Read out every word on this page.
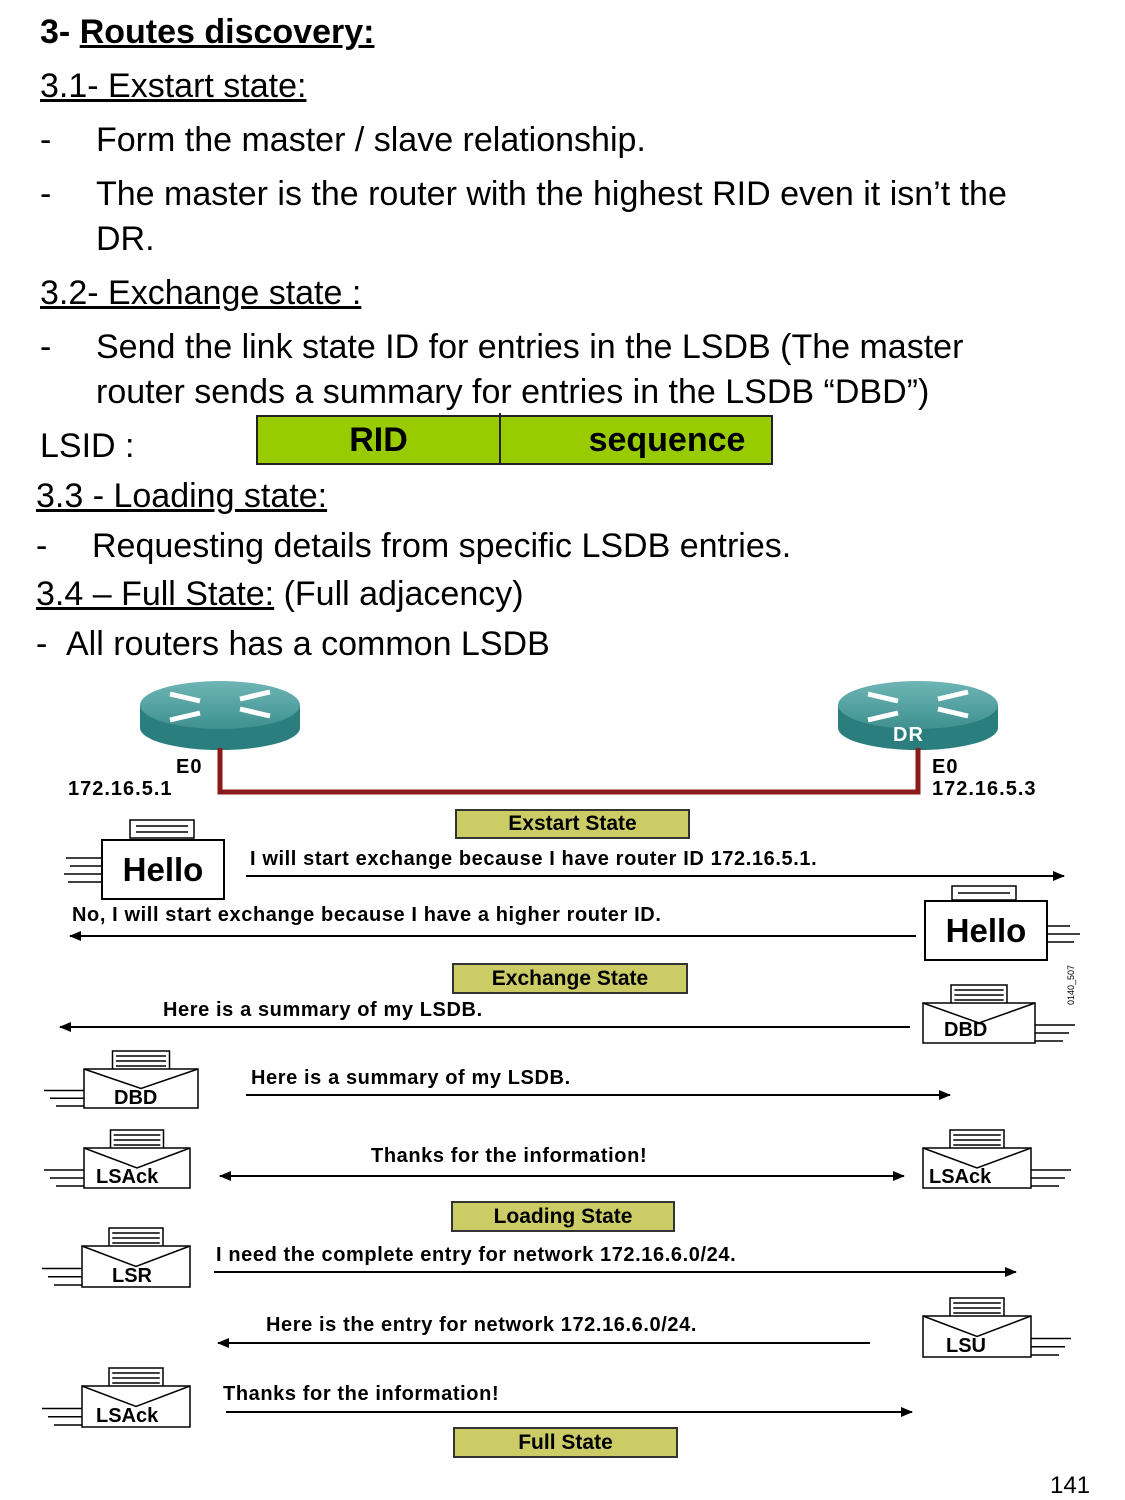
3- Routes discovery:
3.1- Exstart state:
- Form the master / slave relationship.
- The master is the router with the highest RID even it isn’t the
DR.
3.2- Exchange state :
- Send the link state ID for entries in the LSDB (The master
router sends a summary for entries in the LSDB “DBD”)
LSID :	RID	sequence
3.3 - Loading state:
- Requesting details from specific LSDB entries.
3.4 – Full State: (Full adjacency)
- All routers has a common LSDB
E0
172.16.5.1
DR
E0
172.16.5.3
Exstart State
Exchange State
Loading State
Full State
I will start exchange because I have router ID 172.16.5.1.
No, I will start exchange because I have a higher router ID.
Here is a summary of my LSDB.
Here is a summary of my LSDB.
Thanks for the information!
I need the complete entry for network 172.16.6.0/24.
Here is the entry for network 172.16.6.0/24.
Thanks for the information!
Hello
Hello
DBD
DBD
LSAck	LSAck
LSR
LSU
LSAck
0140_507
141
